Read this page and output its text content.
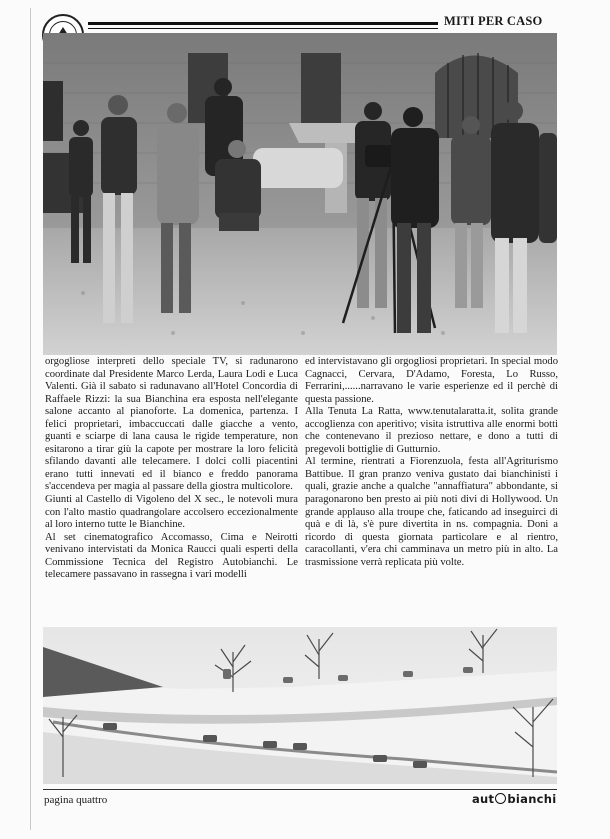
MITI PER CASO

orgogliose interpreti dello speciale TV, si radunarono coordinate dal Presidente Marco Lerda, Laura Lodi e Luca Valenti. Già il sabato si radunavano all'Hotel Concordia di Raffaele Rizzi: la sua Bianchina era esposta nell'elegante salone accanto al pianoforte. La domenica, partenza. I felici proprietari, imbaccuccati dalle giacche a vento, guanti e sciarpe di lana causa le rigide temperature, non esitarono a tirar giù la capote per mostrare la loro felicità sfilando davanti alle telecamere. I dolci colli piacentini erano tutti innevati ed il bianco e freddo panorama s'accendeva per magia al passare della giostra multicolore.

Giunti al Castello di Vigoleno del X sec., le notevoli mura con l'alto mastio quadrangolare accolsero eccezionalmente al loro interno tutte le Bianchine.

Al set cinematografico Accomasso, Cima e Neirotti venivano intervistati da Monica Raucci quali esperti della Commissione Tecnica del Registro Autobianchi. Le telecamere passavano in rassegna i vari modelli

ed intervistavano gli orgogliosi proprietari. In special modo Cagnacci, Cervara, D'Adamo, Foresta, Lo Russo, Ferrarini,......narravano le varie esperienze ed il perchè di questa passione.

Alla Tenuta La Ratta, www.tenutalaratta.it, solita grande accoglienza con aperitivo; visita istruttiva alle enormi botti che contenevano il prezioso nettare, e dono a tutti di pregevoli bottiglie di Gutturnio.

Al termine, rientrati a Fiorenzuola, festa all'Agriturismo Battibue. Il gran pranzo veniva gustato dai bianchinisti i quali, grazie anche a qualche "annaffiatura" abbondante, si paragonarono ben presto ai più noti divi di Hollywood. Un grande applauso alla troupe che, faticando ad inseguirci di quà e di là, s'è pure divertita in ns. compagnia. Doni a ricordo di questa giornata particolare e al rientro, caracollanti, v'era chi camminava un metro più in alto. La trasmissione verrà replicata più volte.

pagina quattro	aut bianchi
